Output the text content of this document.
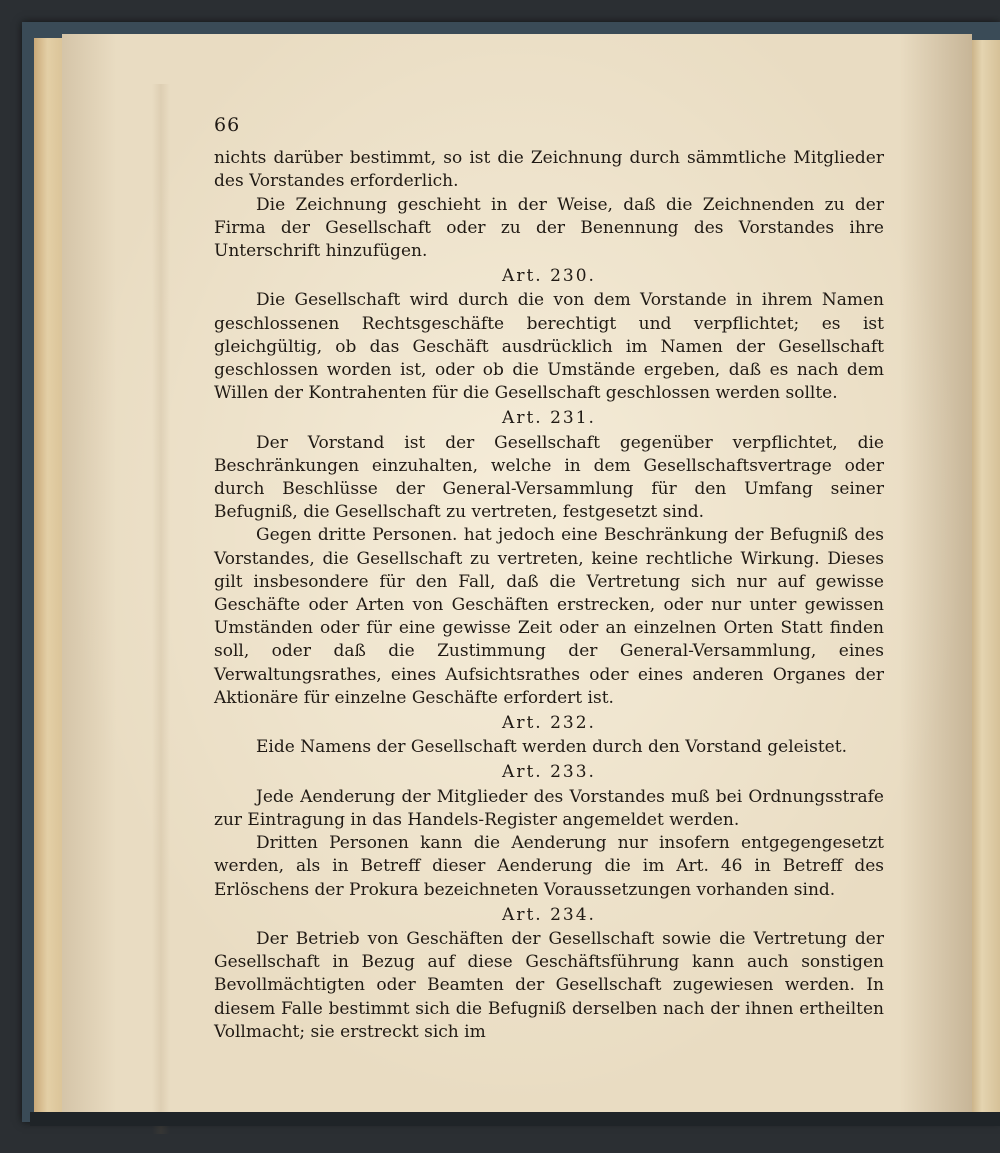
66

nichts darüber bestimmt, so ist die Zeichnung durch sämmtliche Mitglieder des Vorstandes erforderlich.

Die Zeichnung geschieht in der Weise, daß die Zeichnenden zu der Firma der Gesellschaft oder zu der Benennung des Vorstandes ihre Unterschrift hinzufügen.

Art. 230.

Die Gesellschaft wird durch die von dem Vorstande in ihrem Namen geschlossenen Rechtsgeschäfte berechtigt und verpflichtet; es ist gleichgültig, ob das Geschäft ausdrücklich im Namen der Gesellschaft geschlossen worden ist, oder ob die Umstände ergeben, daß es nach dem Willen der Kontrahenten für die Gesellschaft geschlossen werden sollte.

Art. 231.

Der Vorstand ist der Gesellschaft gegenüber verpflichtet, die Beschränkungen einzuhalten, welche in dem Gesellschaftsvertrage oder durch Beschlüsse der General-Versammlung für den Umfang seiner Befugniß, die Gesellschaft zu vertreten, festgesetzt sind.

Gegen dritte Personen. hat jedoch eine Beschränkung der Befugniß des Vorstandes, die Gesellschaft zu vertreten, keine rechtliche Wirkung. Dieses gilt insbesondere für den Fall, daß die Vertretung sich nur auf gewisse Geschäfte oder Arten von Geschäften erstrecken, oder nur unter gewissen Umständen oder für eine gewisse Zeit oder an einzelnen Orten Statt finden soll, oder daß die Zustimmung der General-Versammlung, eines Verwaltungsrathes, eines Aufsichtsrathes oder eines anderen Organes der Aktionäre für einzelne Geschäfte erfordert ist.

Art. 232.

Eide Namens der Gesellschaft werden durch den Vorstand geleistet.

Art. 233.

Jede Aenderung der Mitglieder des Vorstandes muß bei Ordnungsstrafe zur Eintragung in das Handels-Register angemeldet werden.

Dritten Personen kann die Aenderung nur insofern entgegengesetzt werden, als in Betreff dieser Aenderung die im Art. 46 in Betreff des Erlöschens der Prokura bezeichneten Voraussetzungen vorhanden sind.

Art. 234.

Der Betrieb von Geschäften der Gesellschaft sowie die Vertretung der Gesellschaft in Bezug auf diese Geschäftsführung kann auch sonstigen Bevollmächtigten oder Beamten der Gesellschaft zugewiesen werden. In diesem Falle bestimmt sich die Befugniß derselben nach der ihnen ertheilten Vollmacht; sie erstreckt sich im
